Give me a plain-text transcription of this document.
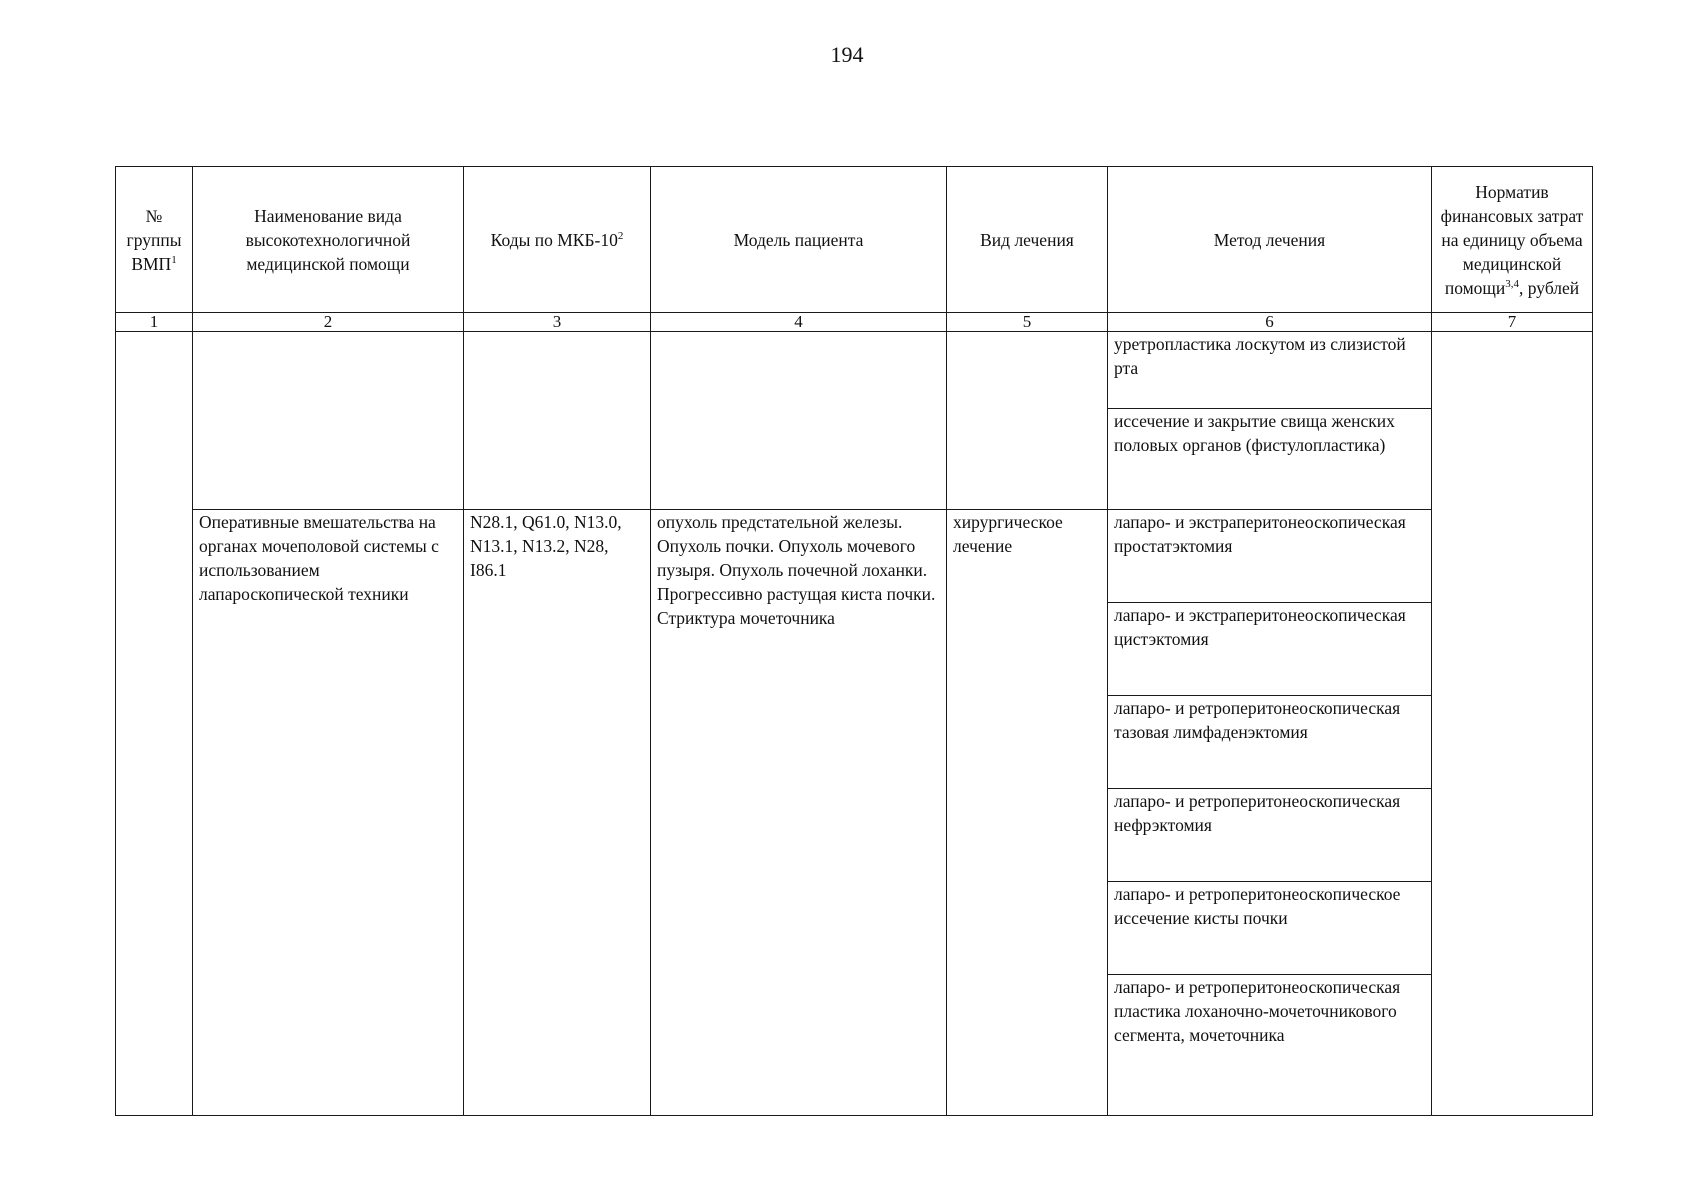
194
№ группы ВМП$^1$	Наименование вида высокотехнологичной медицинской помощи	Коды по МКБ-$10^2$	Модель пациента	Вид лечения	Метод лечения	Норматив финансовых затрат на единицу объема медицинской помощи$^{3,4}$, рублей
1	2	3	4	5	6	7
					уретропластика лоскутом из слизистой рта	
					иссечение и закрытие свища женских половых органов (фистулопластика)	
	Оперативные вмешательства на органах мочеполовой системы с использованием лапароскопической техники	N28.1, Q61.0, N13.0, N13.1, N13.2, N28, I86.1	опухоль предстательной железы. Опухоль почки. Опухоль мочевого пузыря. Опухоль почечной лоханки. Прогрессивно растущая киста почки. Стриктура мочеточника	хирургическое лечение	лапаро- и экстраперитонеоскопическая простатэктомия	
					лапаро- и экстраперитонеоскопическая цистэктомия	
					лапаро- и ретроперитонеоскопическая тазовая лимфаденэктомия	
					лапаро- и ретроперитонеоскопическая нефрэктомия	
					лапаро- и ретроперитонеоскопическое иссечение кисты почки	
					лапаро- и ретроперитонеоскопическая пластика лоханочно-мочеточникового сегмента, мочеточника	
